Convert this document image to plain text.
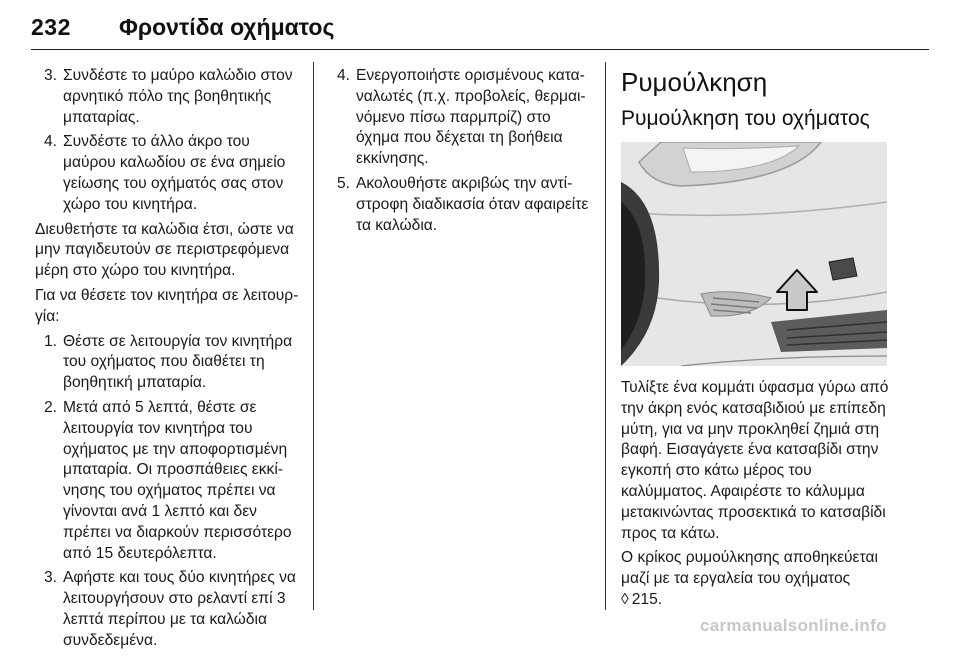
232 Φροντίδα οχήματος
3. Συνδέστε το μαύρο καλώδιο στον αρνητικό πόλο της βοηθητικής μπαταρίας.
4. Συνδέστε το άλλο άκρο του μαύρου καλωδίου σε ένα σημείο γείωσης του οχήματός σας στον χώρο του κινητήρα.

Διευθετήστε τα καλώδια έτσι, ώστε να μην παγιδευτούν σε περιστρεφόμενα μέρη στο χώρο του κινητήρα.

Για να θέσετε τον κινητήρα σε λειτουρ‐γία:

1. Θέστε σε λειτουργία τον κινητήρα του οχήματος που διαθέτει τη βοηθητική μπαταρία.
2. Μετά από 5 λεπτά, θέστε σε λειτουργία τον κινητήρα του οχήματος με την αποφορτισμένη μπαταρία. Οι προσπάθειες εκκί‐νησης του οχήματος πρέπει να γίνονται ανά 1 λεπτό και δεν πρέπει να διαρκούν περισσότερο από 15 δευτερόλεπτα.
3. Αφήστε και τους δύο κινητήρες να λειτουργήσουν στο ρελαντί επί 3 λεπτά περίπου με τα καλώδια συνδεδεμένα.
4. Ενεργοποιήστε ορισμένους κατα‐ναλωτές (π.χ. προβολείς, θερμαι‐νόμενο πίσω παρμπρίζ) στο όχημα που δέχεται τη βοήθεια εκκίνησης.
5. Ακολουθήστε ακριβώς την αντί‐στροφη διαδικασία όταν αφαιρείτε τα καλώδια.
Ρυμούλκηση
Ρυμούλκηση του οχήματος

Τυλίξτε ένα κομμάτι ύφασμα γύρω από την άκρη ενός κατσαβιδιού με επίπεδη μύτη, για να μην προκληθεί ζημιά στη βαφή. Εισαγάγετε ένα κατσαβίδι στην εγκοπή στο κάτω μέρος του καλύμματος. Αφαιρέστε το κάλυμμα μετακινώντας προσεκτικά το κατσαβίδι προς τα κάτω.

Ο κρίκος ρυμούλκησης αποθηκεύεται μαζί με τα εργαλεία του οχήματος
◊ 215.

carmanualsonline.info
